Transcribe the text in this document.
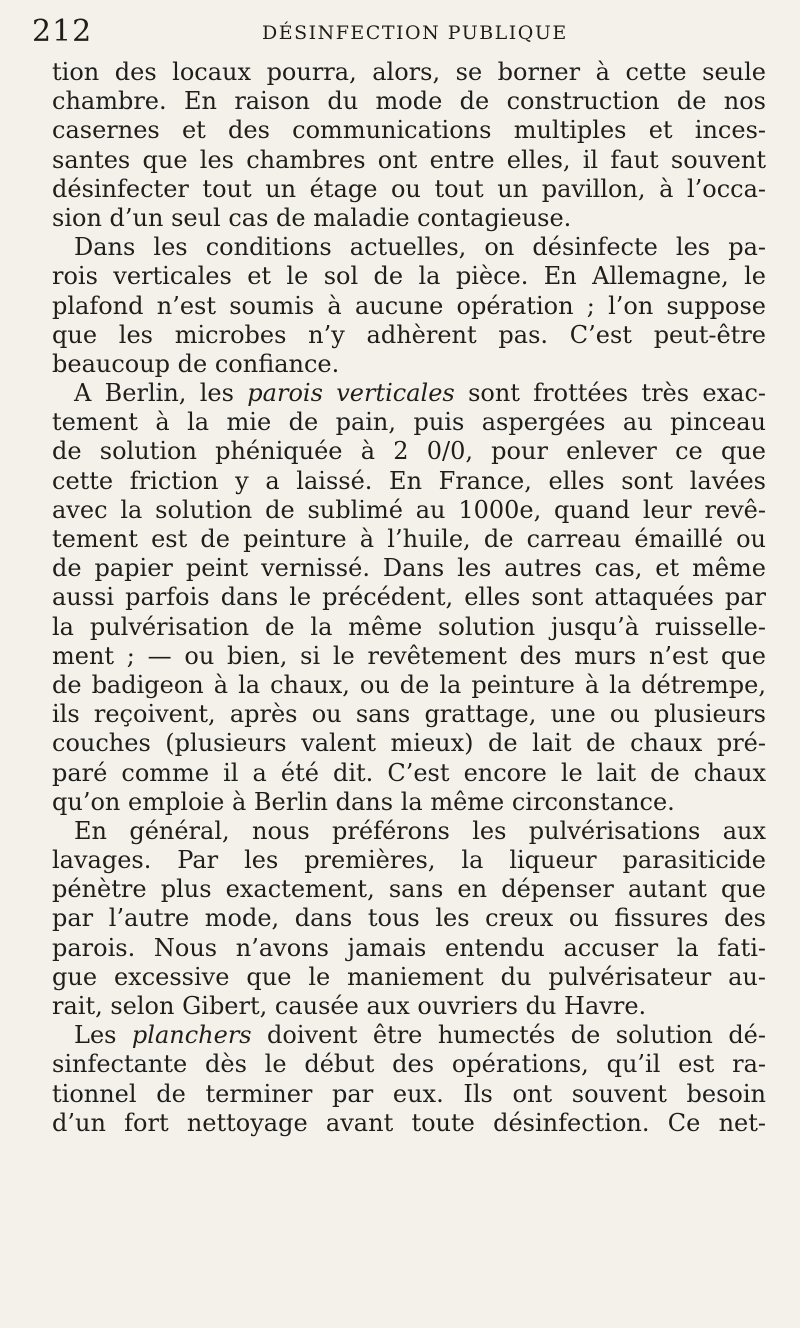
212	DÉSINFECTION PUBLIQUE
tion des locaux pourra, alors, se borner à cette seule
chambre. En raison du mode de construction de nos
casernes et des communications multiples et inces-
santes que les chambres ont entre elles, il faut souvent
désinfecter tout un étage ou tout un pavillon, à l’occa-
sion d’un seul cas de maladie contagieuse.
Dans les conditions actuelles, on désinfecte les pa-
rois verticales et le sol de la pièce. En Allemagne, le
plafond n’est soumis à aucune opération ; l’on suppose
que les microbes n’y adhèrent pas. C’est peut-être
beaucoup de confiance.
A Berlin, les parois verticales sont frottées très exac-
tement à la mie de pain, puis aspergées au pinceau
de solution phéniquée à 2 0/0, pour enlever ce que
cette friction y a laissé. En France, elles sont lavées
avec la solution de sublimé au 1000e, quand leur revê-
tement est de peinture à l’huile, de carreau émaillé ou
de papier peint vernissé. Dans les autres cas, et même
aussi parfois dans le précédent, elles sont attaquées par
la pulvérisation de la même solution jusqu’à ruisselle-
ment ; — ou bien, si le revêtement des murs n’est que
de badigeon à la chaux, ou de la peinture à la détrempe,
ils reçoivent, après ou sans grattage, une ou plusieurs
couches (plusieurs valent mieux) de lait de chaux pré-
paré comme il a été dit. C’est encore le lait de chaux
qu’on emploie à Berlin dans la même circonstance.
En général, nous préférons les pulvérisations aux
lavages. Par les premières, la liqueur parasiticide
pénètre plus exactement, sans en dépenser autant que
par l’autre mode, dans tous les creux ou fissures des
parois. Nous n’avons jamais entendu accuser la fati-
gue excessive que le maniement du pulvérisateur au-
rait, selon Gibert, causée aux ouvriers du Havre.
Les planchers doivent être humectés de solution dé-
sinfectante dès le début des opérations, qu’il est ra-
tionnel de terminer par eux. Ils ont souvent besoin
d’un fort nettoyage avant toute désinfection. Ce net-
